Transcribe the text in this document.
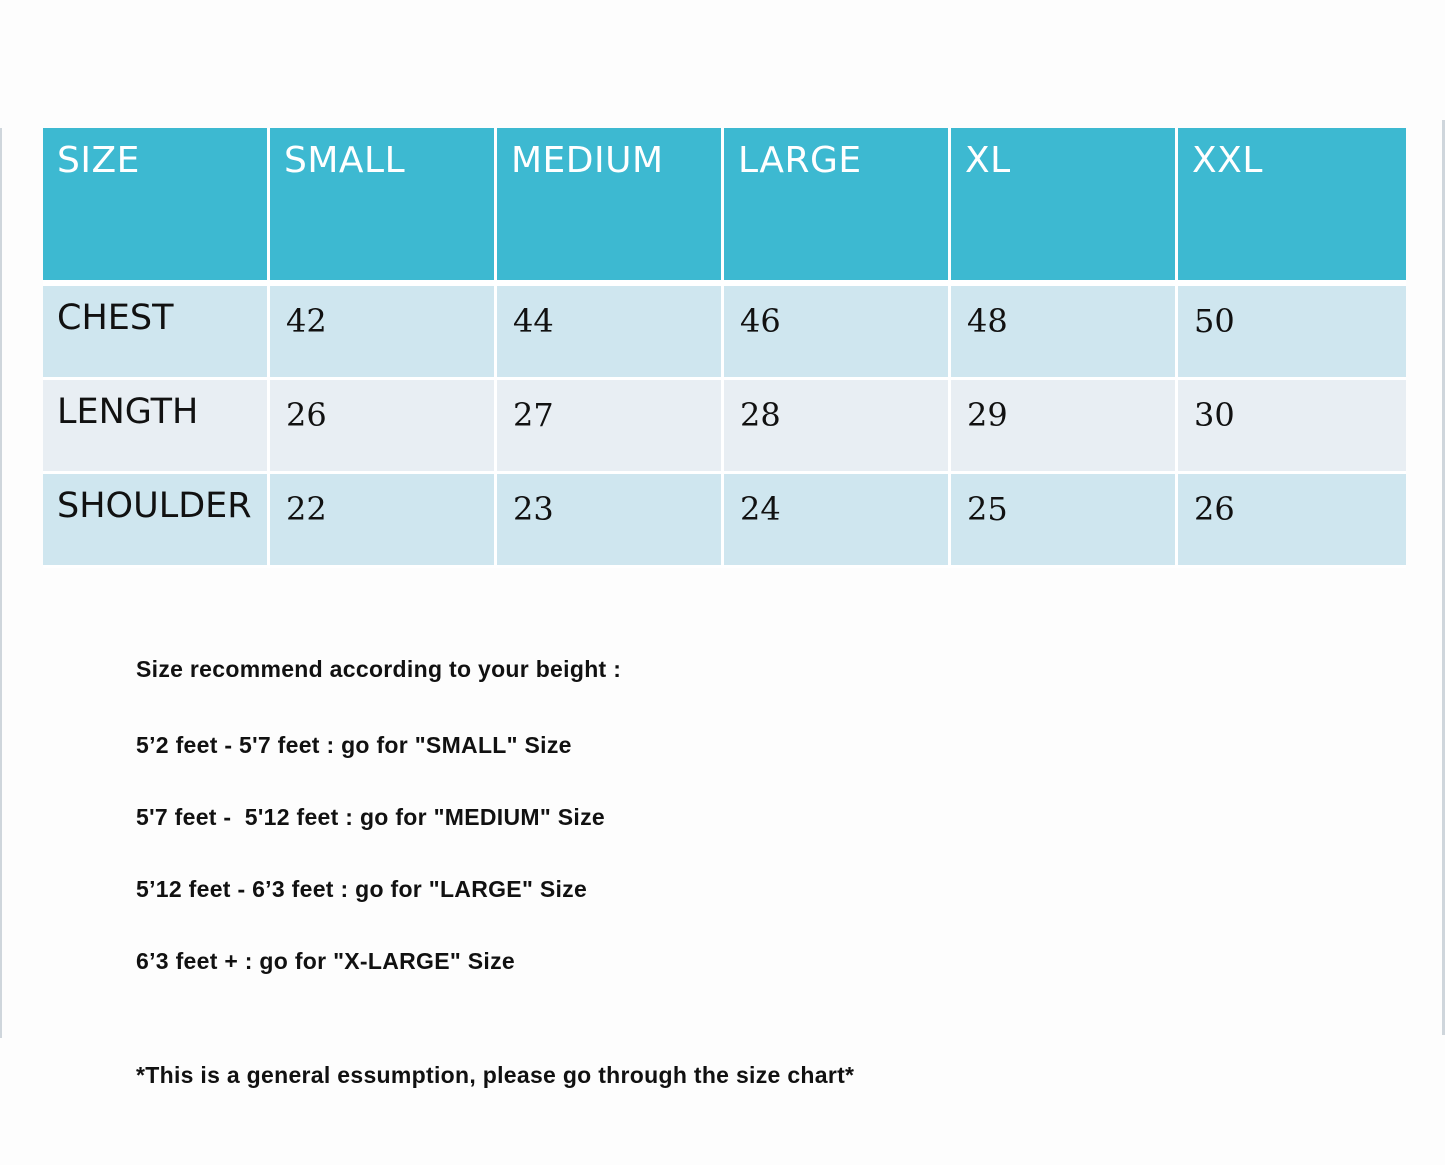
SIZE	SMALL	MEDIUM	LARGE	XL	XXL

CHEST	42	44	46	48	50
LENGTH	26	27	28	29	30
SHOULDER	22	23	24	25	26
Size recommend according to your beight :
5’2 feet - 5'7 feet : go for "SMALL" Size
5'7 feet -  5'12 feet : go for "MEDIUM" Size
5’12 feet - 6’3 feet : go for "LARGE" Size
6’3 feet + : go for "X-LARGE" Size
*This is a general essumption, please go through the size chart*
